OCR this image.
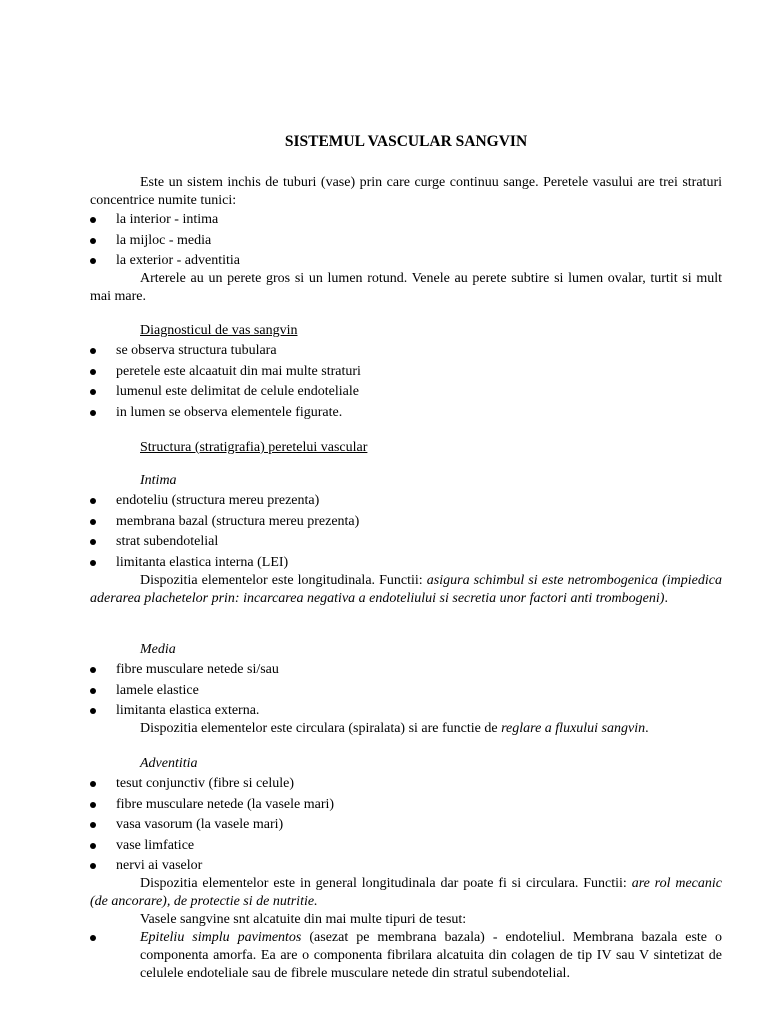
SISTEMUL VASCULAR SANGVIN

Este un sistem inchis de tuburi (vase) prin care curge continuu sange. Peretele vasului are trei straturi concentrice numite tunici:

la interior - intima
la mijloc - media
la exterior - adventitia

Arterele au un perete gros si un lumen rotund. Venele au perete subtire si lumen ovalar, turtit si mult mai mare.

Diagnosticul de vas sangvin

se observa structura tubulara
peretele este alcaatuit din mai multe straturi
lumenul este delimitat de celule endoteliale
in lumen se observa elementele figurate.

Structura (stratigrafia) peretelui vascular

Intima

endoteliu (structura mereu prezenta)
membrana bazal (structura mereu prezenta)
strat subendotelial
limitanta elastica interna (LEI)

Dispozitia elementelor este longitudinala. Functii: asigura schimbul si este netrombogenica (impiedica aderarea plachetelor prin: incarcarea negativa a endoteliului si secretia unor factori anti trombogeni).

Media

fibre musculare netede si/sau
lamele elastice
limitanta elastica externa.

Dispozitia elementelor este circulara (spiralata) si are functie de reglare a fluxului sangvin.

Adventitia

tesut conjunctiv (fibre si celule)
fibre musculare netede (la vasele mari)
vasa vasorum (la vasele mari)
vase limfatice
nervi ai vaselor

Dispozitia elementelor este in general longitudinala dar poate fi si circulara. Functii: are rol mecanic (de ancorare), de protectie si de nutritie.

Vasele sangvine snt alcatuite din mai multe tipuri de tesut:

Epiteliu simplu pavimentos (asezat pe membrana bazala) - endoteliul. Membrana bazala este o componenta amorfa. Ea are o componenta fibrilara alcatuita din colagen de tip IV sau V sintetizat de celulele endoteliale sau de fibrele musculare netede din stratul subendotelial.
